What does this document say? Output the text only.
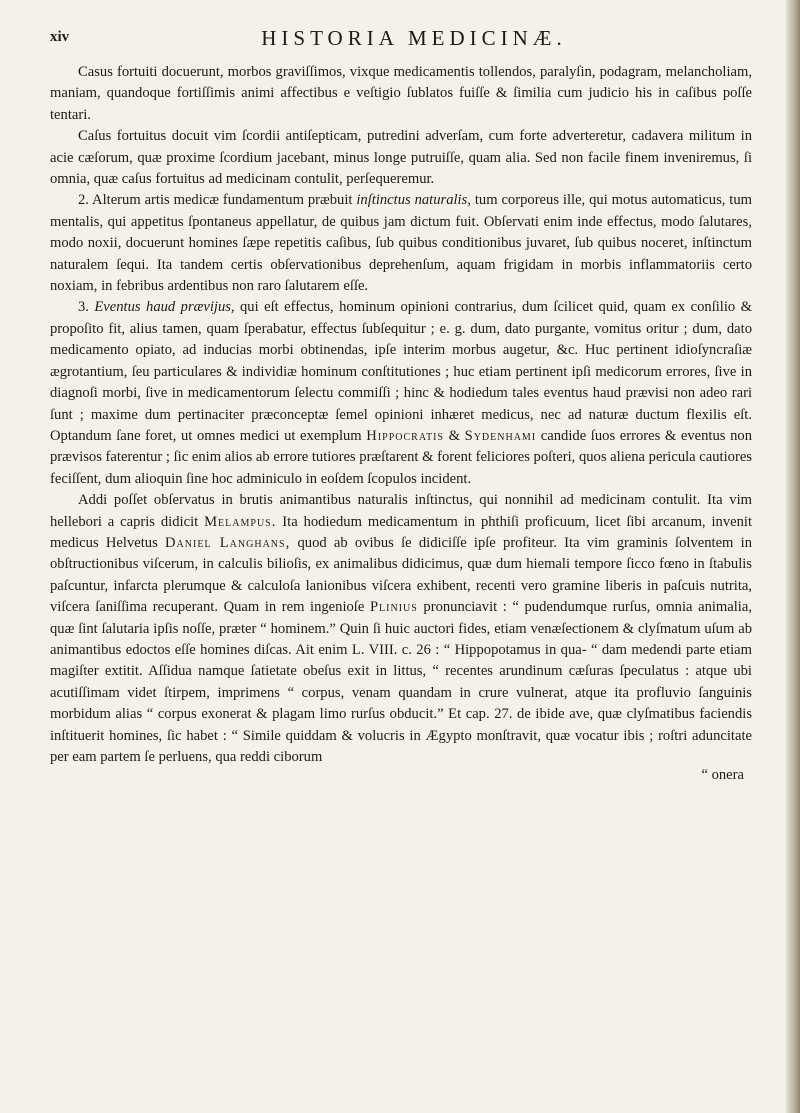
xiv	HISTORIA MEDICINÆ.

Casus fortuiti docuerunt, morbos graviſſimos, vixque medicamentis tollendos, paralyſin, podagram, melancholiam, maniam, quandoque fortiſſimis animi affectibus e veſtigio ſublatos fuiſſe & ſimilia cum judicio his in caſibus poſſe tentari.

Caſus fortuitus docuit vim ſcordii antiſepticam, putredini adverſam, cum forte adverteretur, cadavera militum in acie cæſorum, quæ proxime ſcordium jacebant, minus longe putruiſſe, quam alia. Sed non facile finem inveniremus, ſi omnia, quæ caſus fortuitus ad medicinam contulit, perſequeremur.

2. Alterum artis medicæ fundamentum præbuit inſtinctus naturalis, tum corporeus ille, qui motus automaticus, tum mentalis, qui appetitus ſpontaneus appellatur, de quibus jam dictum fuit. Obſervati enim inde effectus, modo ſalutares, modo noxii, docuerunt homines ſæpe repetitis caſibus, ſub quibus conditionibus juvaret, ſub quibus noceret, inſtinctum naturalem ſequi. Ita tandem certis obſervationibus deprehenſum, aquam frigidam in morbis inflammatoriis certo noxiam, in febribus ardentibus non raro ſalutarem eſſe.

3. Eventus haud prævijus, qui eſt effectus, hominum opinioni contrarius, dum ſcilicet quid, quam ex conſilio & propoſito fit, alius tamen, quam ſperabatur, effectus ſubſequitur ; e. g. dum, dato purgante, vomitus oritur ; dum, dato medicamento opiato, ad inducias morbi obtinendas, ipſe interim morbus augetur, &c. Huc pertinent idioſyncraſiæ ægrotantium, ſeu particulares & individiæ hominum conſtitutiones ; huc etiam pertinent ipſi medicorum errores, ſive in diagnoſi morbi, ſive in medicamentorum ſelectu commiſſi ; hinc & hodiedum tales eventus haud prævisi non adeo rari ſunt ; maxime dum pertinaciter præconceptæ ſemel opinioni inhæret medicus, nec ad naturæ ductum flexilis eſt. Optandum ſane foret, ut omnes medici ut exemplum Hippocratis & Sydenhami candide ſuos errores & eventus non prævisos faterentur ; ſic enim alios ab errore tutiores præſtarent & forent feliciores poſteri, quos aliena pericula cautiores feciſſent, dum alioquin ſine hoc adminiculo in eoſdem ſcopulos incident.

Addi poſſet obſervatus in brutis animantibus naturalis inſtinctus, qui nonnihil ad medicinam contulit. Ita vim hellebori a capris didicit Melampus. Ita hodiedum medicamentum in phthiſi proficuum, licet ſibi arcanum, invenit medicus Helvetus Daniel Langhans, quod ab ovibus ſe didiciſſe ipſe profiteur. Ita vim graminis ſolventem in obſtructionibus viſcerum, in calculis bilioſis, ex animalibus didicimus, quæ dum hiemali tempore ſicco fœno in ſtabulis paſcuntur, infarcta plerumque & calculoſa lanionibus viſcera exhibent, recenti vero gramine liberis in paſcuis nutrita, viſcera ſaniſſima recuperant. Quam in rem ingenioſe Plinius pronunciavit : “ pudendumque rurſus, omnia animalia, quæ ſint ſalutaria ipſis noſſe, præter “ hominem.” Quin ſi huic auctori fides, etiam venæſectionem & clyſmatum uſum ab animantibus edoctos eſſe homines diſcas. Ait enim L. VIII. c. 26 : “ Hippopotamus in qua- “ dam medendi parte etiam magiſter extitit. Aſſidua namque ſatietate obeſus exit in littus, “ recentes arundinum cæſuras ſpeculatus : atque ubi acutiſſimam videt ſtirpem, imprimens “ corpus, venam quandam in crure vulnerat, atque ita profluvio ſanguinis morbidum alias “ corpus exonerat & plagam limo rurſus obducit.” Et cap. 27. de ibide ave, quæ clyſmatibus faciendis inſtituerit homines, ſic habet : “ Simile quiddam & volucris in Ægypto monſtravit, quæ vocatur ibis ; roſtri aduncitate per eam partem ſe perluens, qua reddi ciborum

“ onera
